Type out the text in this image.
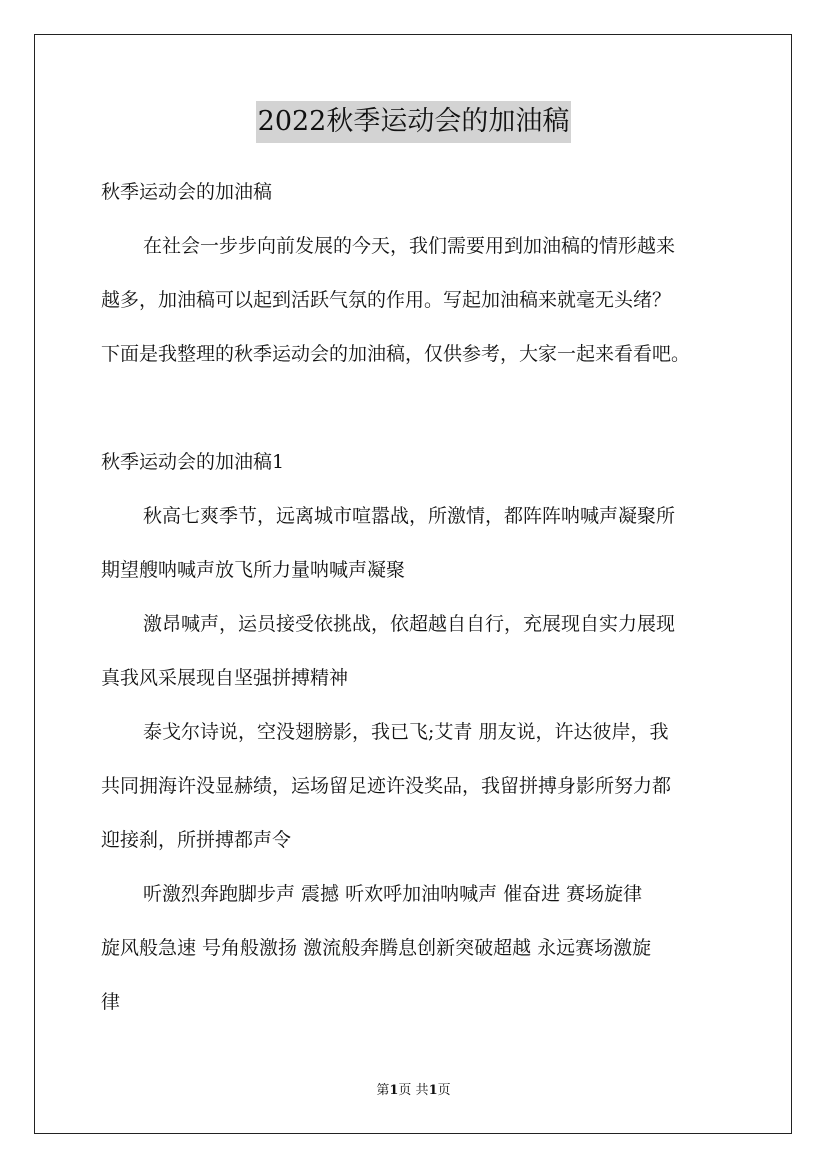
2022秋季运动会的加油稿
秋季运动会的加油稿
在社会一步步向前发展的今天，我们需要用到加油稿的情形越来
越多，加油稿可以起到活跃气氛的作用。写起加油稿来就毫无头绪？
下面是我整理的秋季运动会的加油稿，仅供参考，大家一起来看看吧。
秋季运动会的加油稿1
秋高七爽季节，远离城市喧嚣战，所激情，都阵阵呐喊声凝聚所
期望艘呐喊声放飞所力量呐喊声凝聚
激昂喊声，运员接受依挑战，依超越自自行，充展现自实力展现
真我风采展现自坚强拼搏精神
泰戈尔诗说，空没翅膀影，我已飞;艾青 朋友说，许达彼岸，我
共同拥海许没显赫绩，运场留足迹许没奖品，我留拼搏身影所努力都
迎接刹，所拼搏都声令
听激烈奔跑脚步声 震撼 听欢呼加油呐喊声 催奋进 赛场旋律
旋风般急速 号角般激扬 激流般奔腾息创新突破超越 永远赛场激旋
律
第1页 共1页
